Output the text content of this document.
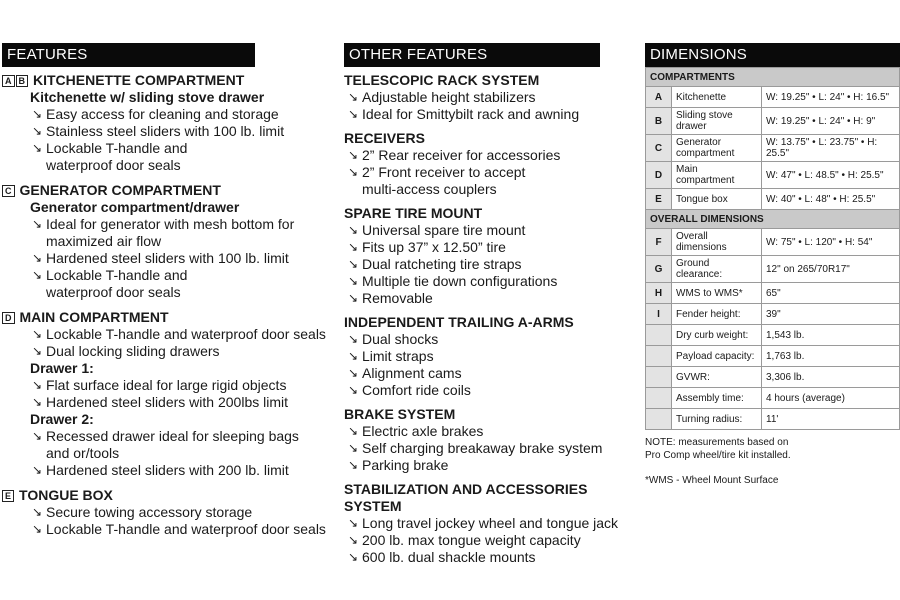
FEATURES
A B KITCHENETTE COMPARTMENT
Kitchenette w/ sliding stove drawer
↘ Easy access for cleaning and storage
↘ Stainless steel sliders with 100 lb. limit
↘ Lockable T-handle and
waterproof door seals
C GENERATOR COMPARTMENT
Generator compartment/drawer
↘ Ideal for generator with mesh bottom for
maximized air flow
↘ Hardened steel sliders with 100 lb. limit
↘ Lockable T-handle and
waterproof door seals
D MAIN COMPARTMENT
↘ Lockable T-handle and waterproof door seals
↘ Dual locking sliding drawers
Drawer 1:
↘ Flat surface ideal for large rigid objects
↘ Hardened steel sliders with 200lbs limit
Drawer 2:
↘ Recessed drawer ideal for sleeping bags
and or/tools
↘ Hardened steel sliders with 200 lb. limit
E TONGUE BOX
↘ Secure towing accessory storage
↘ Lockable T-handle and waterproof door seals
OTHER FEATURES
TELESCOPIC RACK SYSTEM
↘ Adjustable height stabilizers
↘ Ideal for Smittybilt rack and awning
RECEIVERS
↘ 2” Rear receiver for accessories
↘ 2” Front receiver to accept
multi-access couplers
SPARE TIRE MOUNT
↘ Universal spare tire mount
↘ Fits up 37” x 12.50” tire
↘ Dual ratcheting tire straps
↘ Multiple tie down configurations
↘ Removable
INDEPENDENT TRAILING A-ARMS
↘ Dual shocks
↘ Limit straps
↘ Alignment cams
↘ Comfort ride coils
BRAKE SYSTEM
↘ Electric axle brakes
↘ Self charging breakaway brake system
↘ Parking brake
STABILIZATION AND ACCESSORIES SYSTEM
↘ Long travel jockey wheel and tongue jack
↘ 200 lb. max tongue weight capacity
↘ 600 lb. dual shackle mounts
DIMENSIONS
COMPARTMENTS		
A	Kitchenette	W: 19.25" • L: 24" • H: 16.5"
B	Sliding stove drawer	W: 19.25" • L: 24" • H: 9"
C	Generator compartment	W: 13.75" • L: 23.75" • H: 25.5"
D	Main compartment	W: 47" • L: 48.5" • H: 25.5"
E	Tongue box	W: 40" • L: 48" • H: 25.5"
OVERALL DIMENSIONS		
F	Overall dimensions	W: 75" • L: 120" • H: 54"
G	Ground clearance:	12" on 265/70R17"
H	WMS to WMS*	65"
I	Fender height:	39"
	Dry curb weight:	1,543 lb.
	Payload capacity:	1,763 lb.
	GVWR:	3,306 lb.
	Assembly time:	4 hours (average)
	Turning radius:	11'
NOTE: measurements based on
Pro Comp wheel/tire kit installed.
*WMS - Wheel Mount Surface
